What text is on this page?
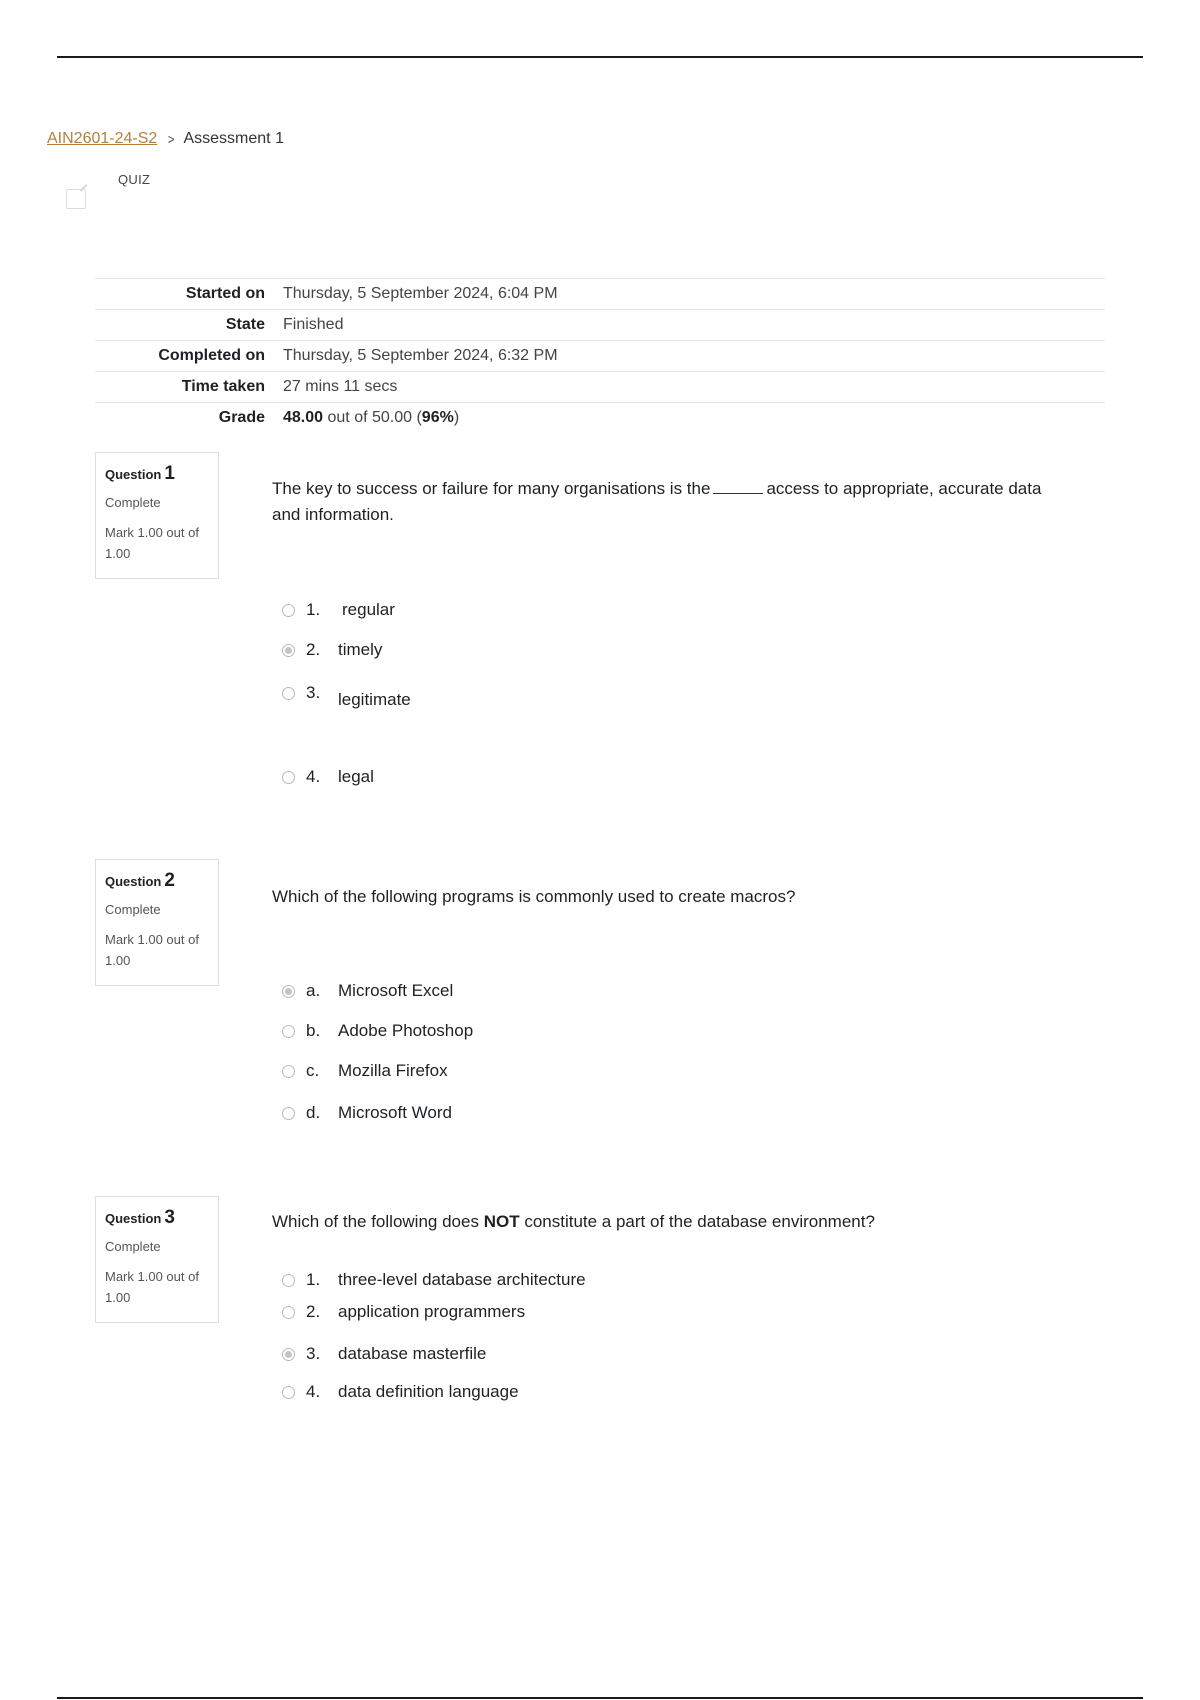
AIN2601-24-S2 > Assessment 1
QUIZ
Started on	Thursday, 5 September 2024, 6:04 PM
State	Finished
Completed on	Thursday, 5 September 2024, 6:32 PM
Time taken	27 mins 11 secs
Grade	48.00 out of 50.00 (96%)
Question 1
Complete
Mark 1.00 out of 1.00
The key to success or failure for many organisations is the	access to appropriate, accurate data and information.
1.	regular
2.	timely
3.	legitimate
4.	legal
Question 2
Complete
Mark 1.00 out of 1.00
Which of the following programs is commonly used to create macros?
a.	Microsoft Excel
b.	Adobe Photoshop
c.	Mozilla Firefox
d.	Microsoft Word
Question 3
Complete
Mark 1.00 out of 1.00
Which of the following does NOT constitute a part of the database environment?
1.	three-level database architecture
2.	application programmers
3.	database masterfile
4.	data definition language
